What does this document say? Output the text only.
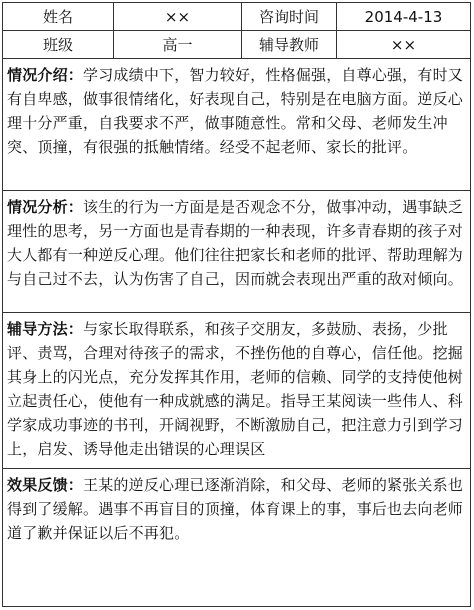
姓名	××	咨询时间	2014-4-13
班级	高一	辅导教师	××
情况介绍：学习成绩中下，智力较好，性格倔强，自尊心强，有时又有自卑感，做事很情绪化，好表现自己，特别是在电脑方面。逆反心理十分严重，自我要求不严，做事随意性。常和父母、老师发生冲突、顶撞，有很强的抵触情绪。经受不起老师、家长的批评。
情况分析：该生的行为一方面是是否观念不分，做事冲动，遇事缺乏理性的思考，另一方面也是青春期的一种表现，许多青春期的孩子对大人都有一种逆反心理。他们往往把家长和老师的批评、帮助理解为与自己过不去，认为伤害了自己，因而就会表现出严重的敌对倾向。
辅导方法：与家长取得联系，和孩子交朋友，多鼓励、表扬，少批评、责骂，合理对待孩子的需求，不挫伤他的自尊心，信任他。挖掘其身上的闪光点，充分发挥其作用，老师的信赖、同学的支持使他树立起责任心，使他有一种成就感的满足。指导王某阅读一些伟人、科学家成功事迹的书刊，开阔视野，不断激励自己，把注意力引到学习上，启发、诱导他走出错误的心理误区
效果反馈：王某的逆反心理已逐渐消除，和父母、老师的紧张关系也得到了缓解。遇事不再盲目的顶撞，体育课上的事，事后也去向老师道了歉并保证以后不再犯。
